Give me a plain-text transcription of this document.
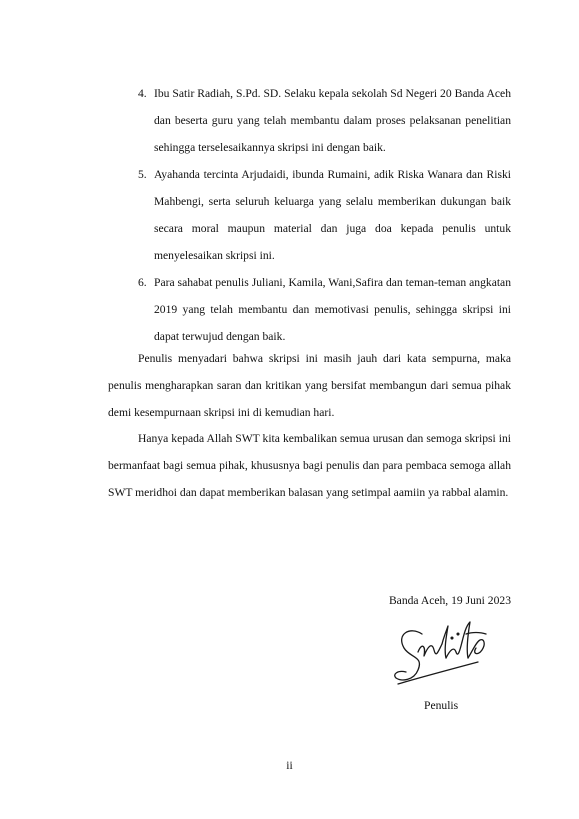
4. Ibu Satir Radiah, S.Pd. SD. Selaku kepala sekolah Sd Negeri 20 Banda Aceh dan beserta guru yang telah membantu dalam proses pelaksanan penelitian sehingga terselesaikannya skripsi ini dengan baik.
5. Ayahanda tercinta Arjudaidi, ibunda Rumaini, adik Riska Wanara dan Riski Mahbengi, serta seluruh keluarga yang selalu memberikan dukungan baik secara moral maupun material dan juga doa kepada penulis untuk menyelesaikan skripsi ini.
6. Para sahabat penulis Juliani, Kamila, Wani,Safira dan teman-teman angkatan 2019 yang telah membantu dan memotivasi penulis, sehingga skripsi ini dapat terwujud dengan baik.

Penulis menyadari bahwa skripsi ini masih jauh dari kata sempurna, maka penulis mengharapkan saran dan kritikan yang bersifat membangun dari semua pihak demi kesempurnaan skripsi ini di kemudian hari.

Hanya kepada Allah SWT kita kembalikan semua urusan dan semoga skripsi ini bermanfaat bagi semua pihak, khususnya bagi penulis dan para pembaca semoga allah SWT meridhoi dan dapat memberikan balasan yang setimpal aamiin ya rabbal alamin.

Banda Aceh, 19 Juni 2023
Penulis
ii
